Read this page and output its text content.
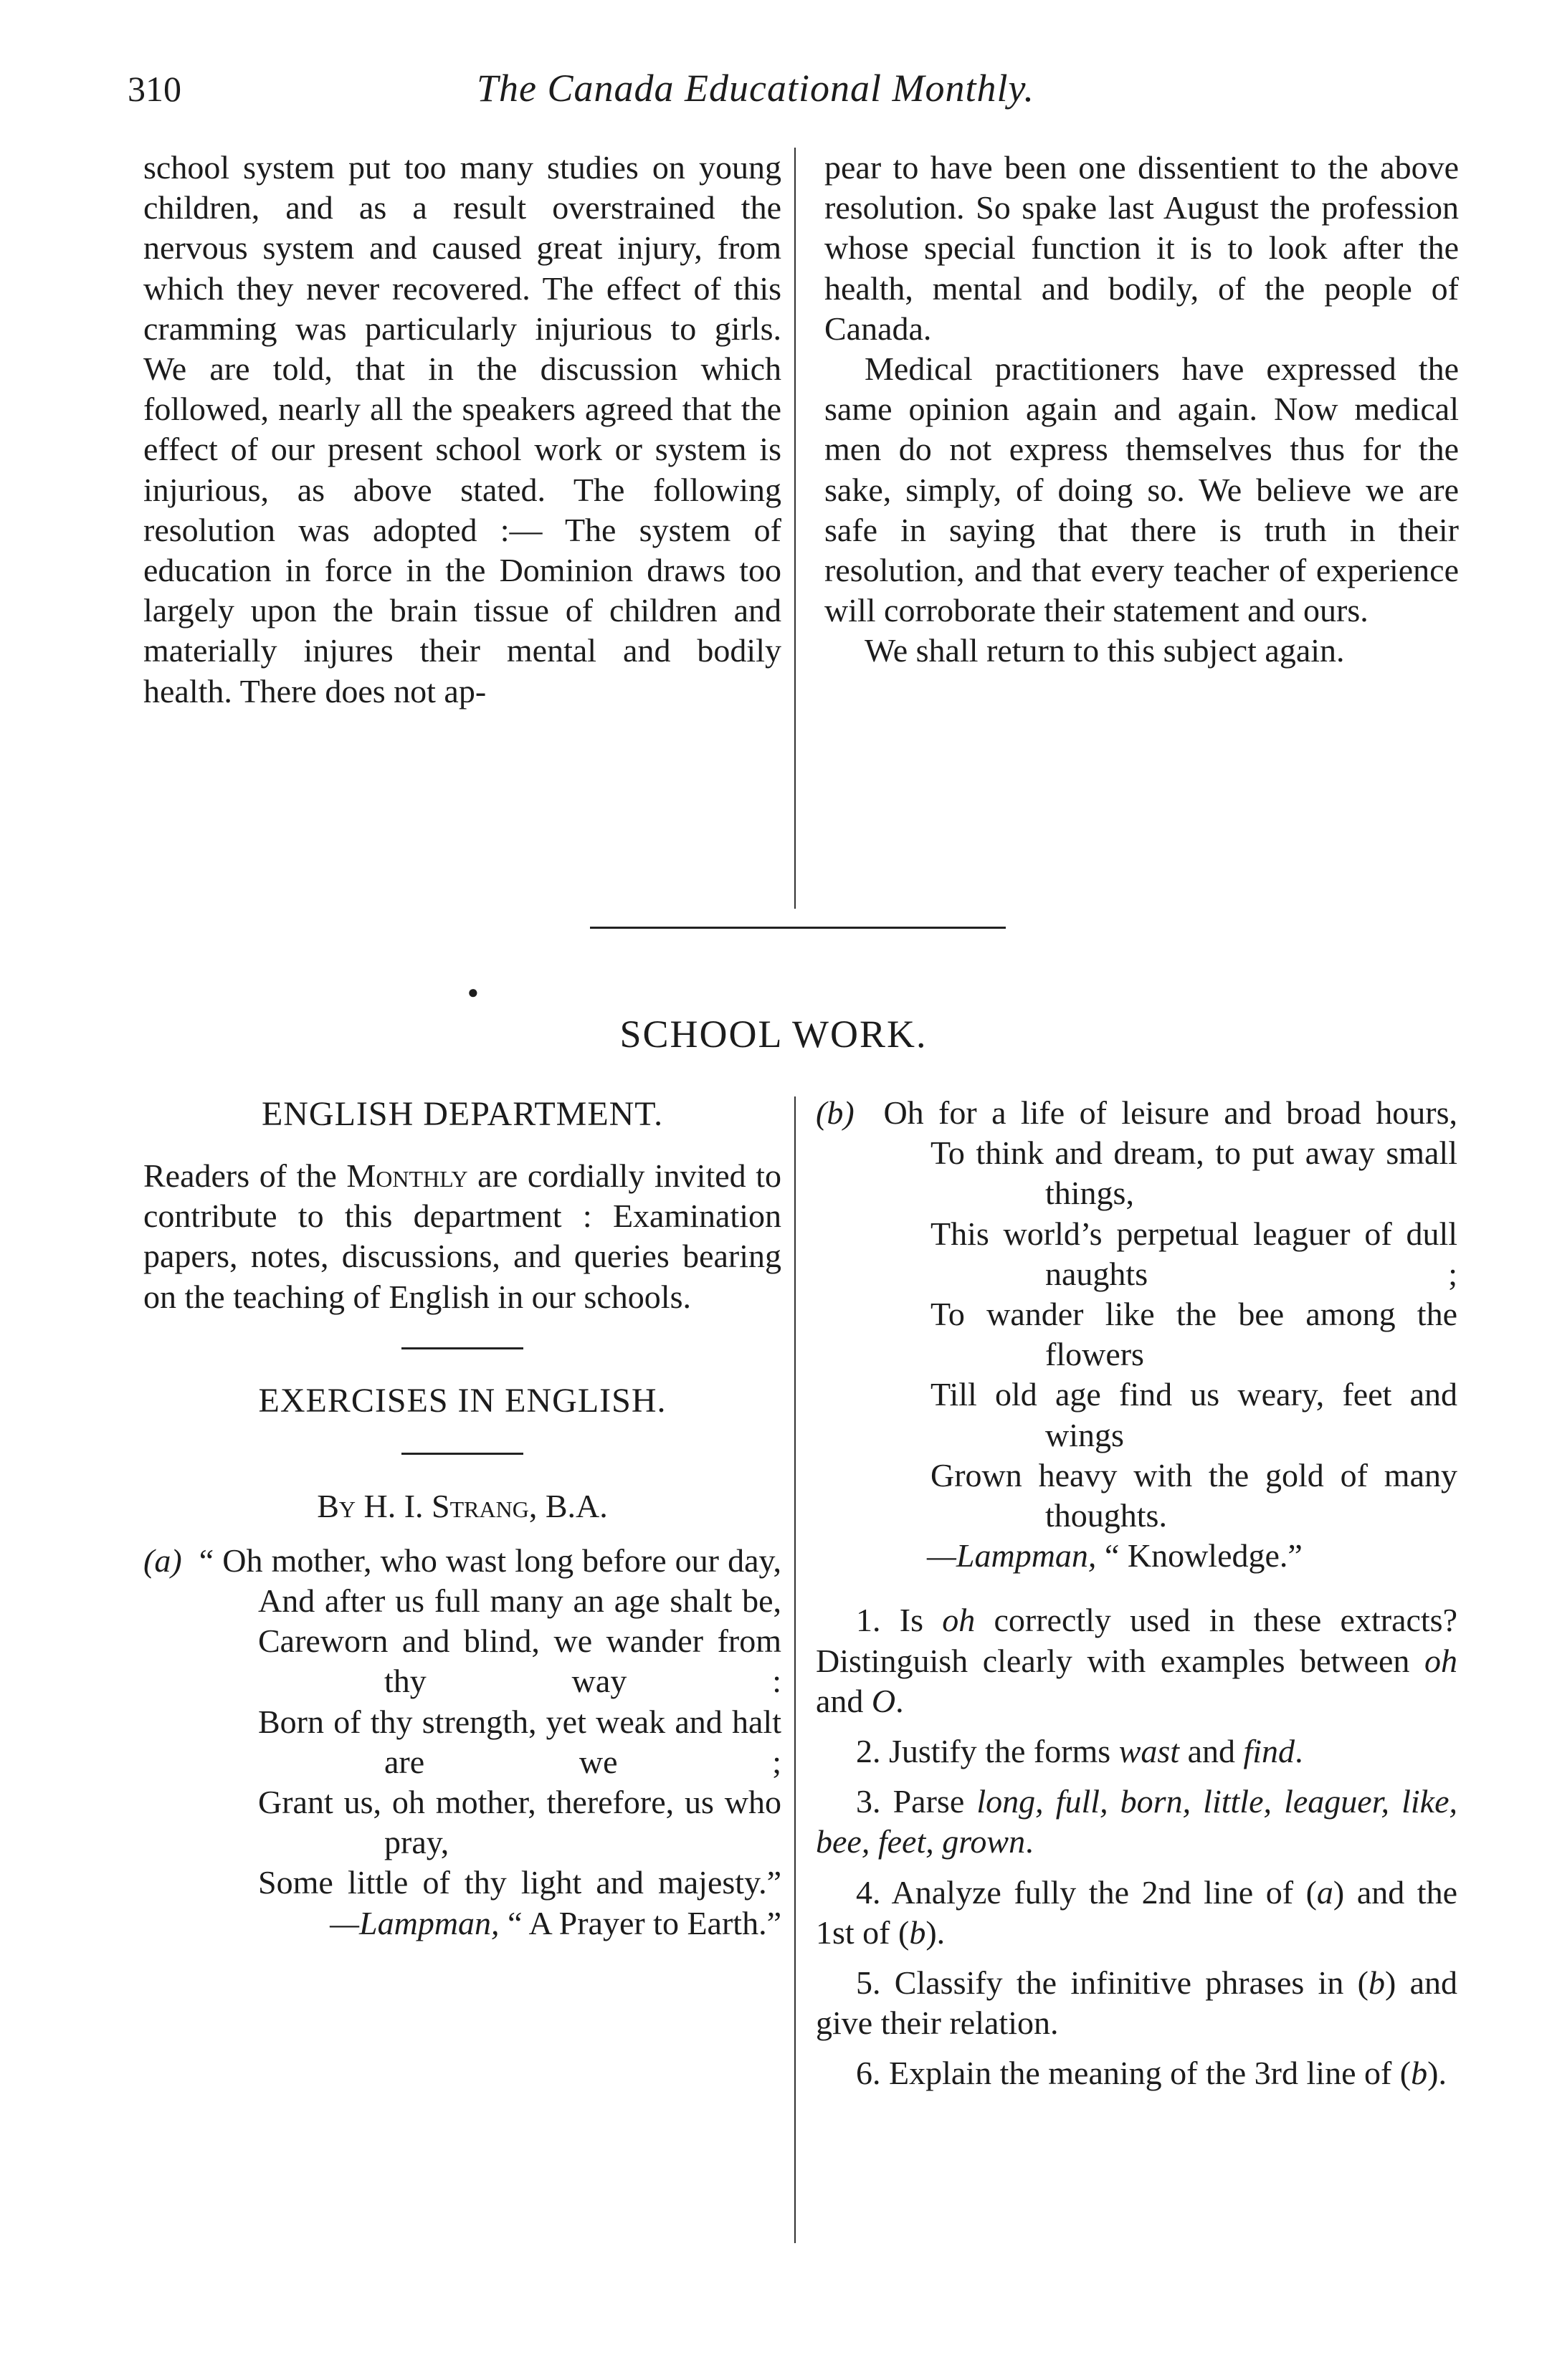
310	The Canada Educational Monthly.

school system put too many studies on young children, and as a result overstrained the nervous system and caused great injury, from which they never recovered. The effect of this cramming was particularly injurious to girls. We are told, that in the discussion which followed, nearly all the speakers agreed that the effect of our present school work or system is injurious, as above stated. The following resolution was adopted :— The system of education in force in the Dominion draws too largely upon the brain tissue of children and materially injures their mental and bodily health. There does not ap-

pear to have been one dissentient to the above resolution. So spake last August the profession whose special function it is to look after the health, mental and bodily, of the people of Canada.

Medical practitioners have expressed the same opinion again and again. Now medical men do not express themselves thus for the sake, simply, of doing so. We believe we are safe in saying that there is truth in their resolution, and that every teacher of experience will corroborate their statement and ours.

We shall return to this subject again.

●
SCHOOL WORK.
ENGLISH DEPARTMENT.

Readers of the Monthly are cordially invited to contribute to this department : Examination papers, notes, discussions, and queries bearing on the teaching of English in our schools.

EXERCISES IN ENGLISH.
By H. I. Strang, B.A.
(a) “ Oh mother, who wast long before our day,
And after us full many an age shalt be,
Careworn and blind, we wander from thy way :
Born of thy strength, yet weak and halt are we ;
Grant us, oh mother, therefore, us who pray,
Some little of thy light and majesty.”
—Lampman, “ A Prayer to Earth.”
(b) Oh for a life of leisure and broad hours,
To think and dream, to put away small things,
This world’s perpetual leaguer of dull naughts ;
To wander like the bee among the flowers
Till old age find us weary, feet and wings
Grown heavy with the gold of many thoughts.
—Lampman, “ Knowledge.”

1. Is oh correctly used in these extracts? Distinguish clearly with examples between oh and O.

2. Justify the forms wast and find.

3. Parse long, full, born, little, leaguer, like, bee, feet, grown.

4. Analyze fully the 2nd line of (a) and the 1st of (b).

5. Classify the infinitive phrases in (b) and give their relation.

6. Explain the meaning of the 3rd line of (b).
